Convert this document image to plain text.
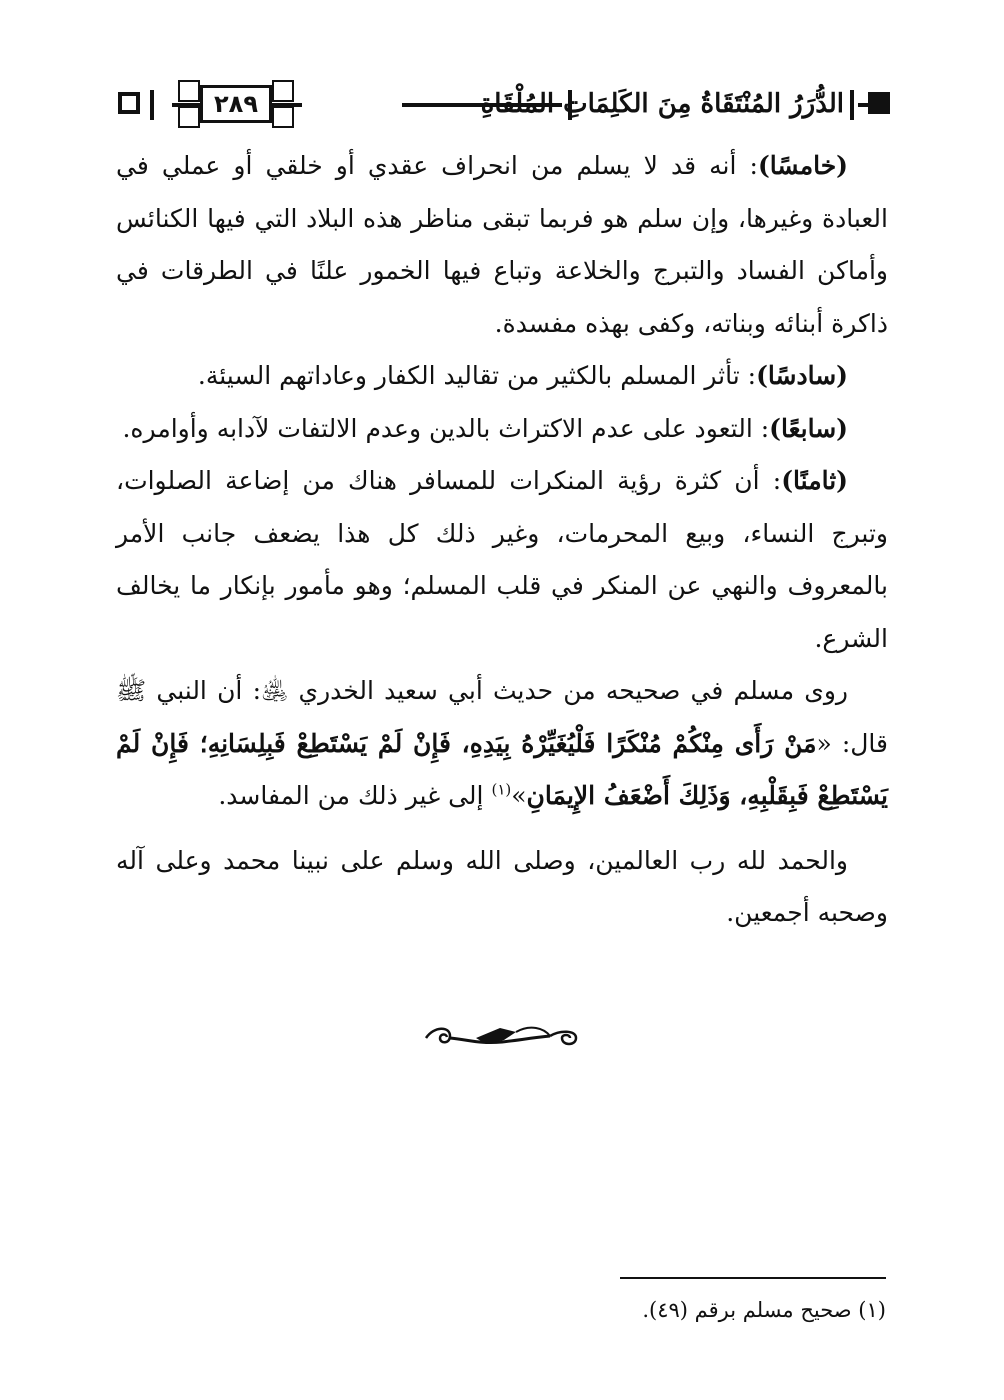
٢٨٩	الدُّرَرُ المُنْتَقَاةُ مِنَ الكَلِمَاتِ المُلْقَاةِ

(خامسًا): أنه قد لا يسلم من انحراف عقدي أو خلقي أو عملي في العبادة وغيرها، وإن سلم هو فربما تبقى مناظر هذه البلاد التي فيها الكنائس وأماكن الفساد والتبرج والخلاعة وتباع فيها الخمور علنًا في الطرقات في ذاكرة أبنائه وبناته، وكفى بهذه مفسدة.

(سادسًا): تأثر المسلم بالكثير من تقاليد الكفار وعاداتهم السيئة.

(سابعًا): التعود على عدم الاكتراث بالدين وعدم الالتفات لآدابه وأوامره.

(ثامنًا): أن كثرة رؤية المنكرات للمسافر هناك من إضاعة الصلوات، وتبرج النساء، وبيع المحرمات، وغير ذلك كل هذا يضعف جانب الأمر بالمعروف والنهي عن المنكر في قلب المسلم؛ وهو مأمور بإنكار ما يخالف الشرع.

روى مسلم في صحيحه من حديث أبي سعيد الخدري ﵁: أن النبي ﷺ قال: «مَنْ رَأَى مِنْكُمْ مُنْكَرًا فَلْيُغَيِّرْهُ بِيَدِهِ، فَإِنْ لَمْ يَسْتَطِعْ فَبِلِسَانِهِ؛ فَإِنْ لَمْ يَسْتَطِعْ فَبِقَلْبِهِ، وَذَلِكَ أَضْعَفُ الإِيمَانِ»$^{(١)}$ إلى غير ذلك من المفاسد.

والحمد لله رب العالمين، وصلى الله وسلم على نبينا محمد وعلى آله وصحبه أجمعين.

(١) صحيح مسلم برقم (٤٩).
